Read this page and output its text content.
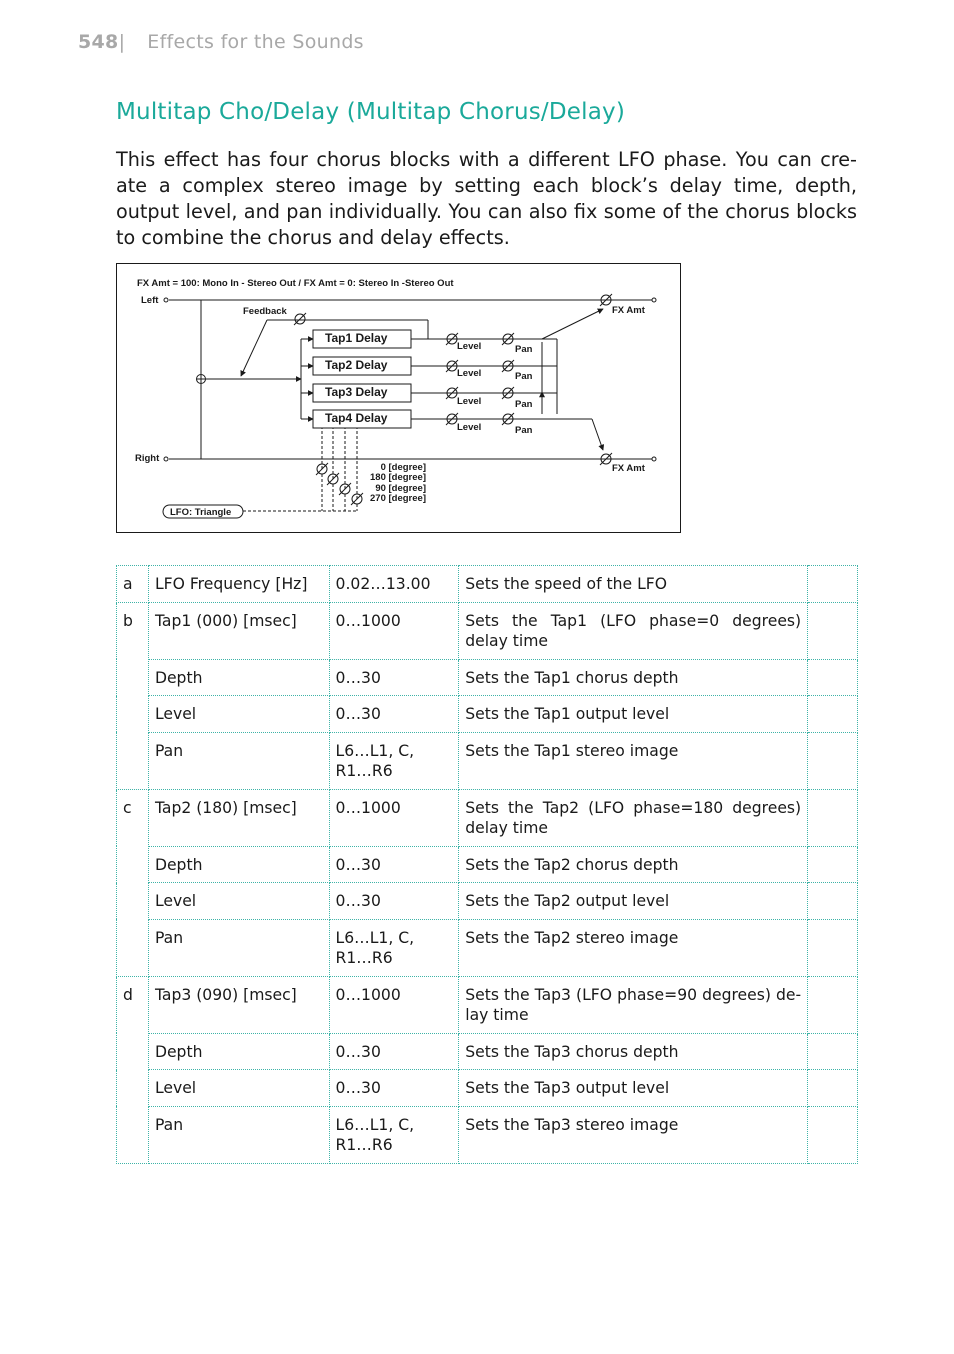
548| Effects for the Sounds
Multitap Cho/Delay (Multitap Chorus/Delay)

This effect has four chorus blocks with a different LFO phase. You can cre-ate a complex stereo image by setting each block’s delay time, depth, output level, and pan individually. You can also fix some of the chorus blocks to combine the chorus and delay effects.

FX Amt = 100: Mono In - Stereo Out / FX Amt = 0: Stereo In -Stereo Out
Left
Right
Feedback
Tap1 Delay
Tap2 Delay
Tap3 Delay
Tap4 Delay
Level
Level
Level
Level
Pan
Pan
Pan
Pan
FX Amt
FX Amt
0 [degree]
180 [degree]
90 [degree]
270 [degree]
LFO: Triangle
a	LFO Frequency [Hz]	0.02…13.00	Sets the speed of the LFO	
b	Tap1 (000) [msec]	0…1000	Sets the Tap1 (LFO phase=0 degrees) delay time	
	Depth	0…30	Sets the Tap1 chorus depth	
	Level	0…30	Sets the Tap1 output level	
	Pan	L6…L1, C, R1…R6	Sets the Tap1 stereo image	
c	Tap2 (180) [msec]	0…1000	Sets the Tap2 (LFO phase=180 degrees) delay time	
	Depth	0…30	Sets the Tap2 chorus depth	
	Level	0…30	Sets the Tap2 output level	
	Pan	L6…L1, C, R1…R6	Sets the Tap2 stereo image	
d	Tap3 (090) [msec]	0…1000	Sets the Tap3 (LFO phase=90 degrees) de-lay time	
	Depth	0…30	Sets the Tap3 chorus depth	
	Level	0…30	Sets the Tap3 output level	
	Pan	L6…L1, C, R1…R6	Sets the Tap3 stereo image	
